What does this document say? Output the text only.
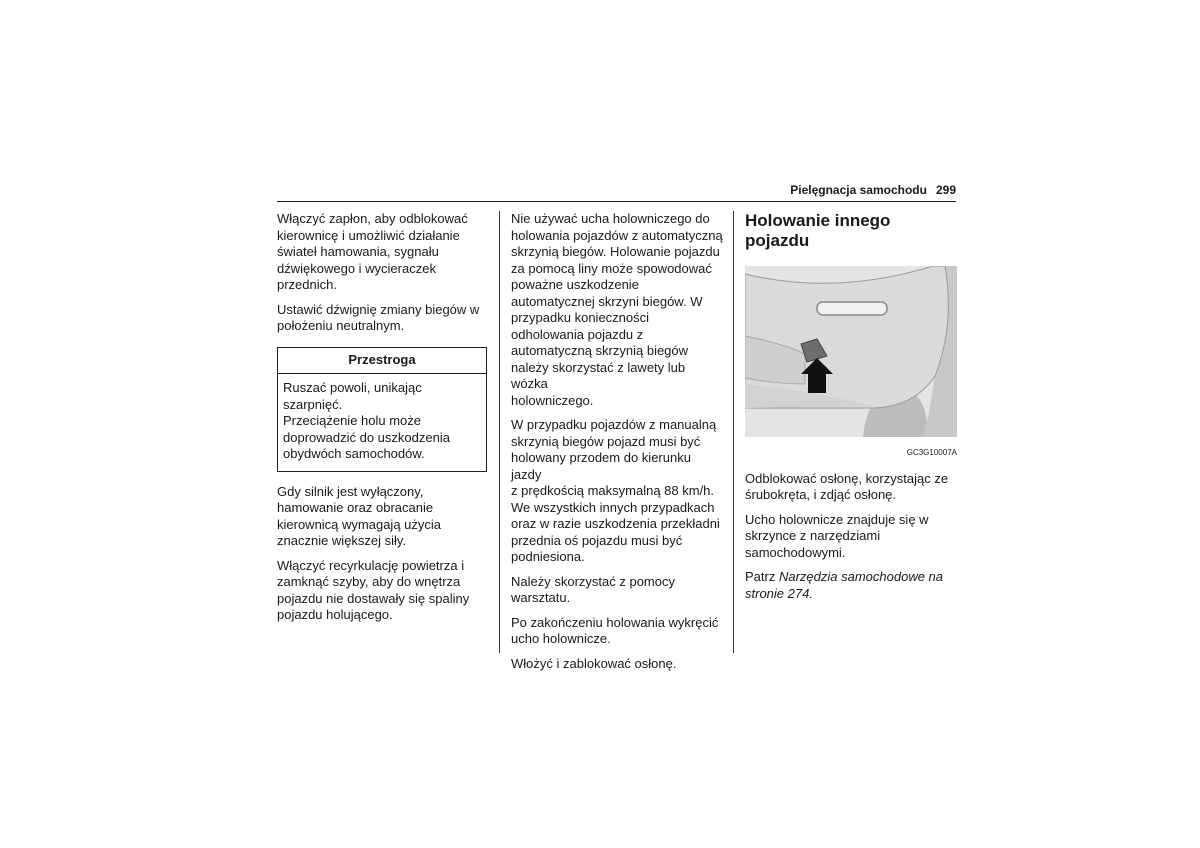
Pielęgnacja samochodu 299

Włączyć zapłon, aby odblokować
kierownicę i umożliwić działanie
świateł hamowania, sygnału
dźwiękowego i wycieraczek
przednich.

Ustawić dźwignię zmiany biegów w
położeniu neutralnym.

Przestroga
Ruszać powoli, unikając szarpnięć.
Przeciążenie holu może
doprowadzić do uszkodzenia
obydwóch samochodów.

Gdy silnik jest wyłączony,
hamowanie oraz obracanie
kierownicą wymagają użycia
znacznie większej siły.

Włączyć recyrkulację powietrza i
zamknąć szyby, aby do wnętrza
pojazdu nie dostawały się spaliny
pojazdu holującego.

Nie używać ucha holowniczego do
holowania pojazdów z automatyczną
skrzynią biegów. Holowanie pojazdu
za pomocą liny może spowodować
poważne uszkodzenie
automatycznej skrzyni biegów. W
przypadku konieczności
odholowania pojazdu z
automatyczną skrzynią biegów
należy skorzystać z lawety lub wózka
holowniczego.

W przypadku pojazdów z manualną
skrzynią biegów pojazd musi być
holowany przodem do kierunku jazdy
z prędkością maksymalną 88 km/h.
We wszystkich innych przypadkach
oraz w razie uszkodzenia przekładni
przednia oś pojazdu musi być
podniesiona.

Należy skorzystać z pomocy
warsztatu.

Po zakończeniu holowania wykręcić
ucho holownicze.

Włożyć i zablokować osłonę.

Holowanie innego pojazdu
GC3G10007A

Odblokować osłonę, korzystając ze
śrubokręta, i zdjąć osłonę.

Ucho holownicze znajduje się w
skrzynce z narzędziami
samochodowymi.

Patrz Narzędzia samochodowe na
stronie 274.
